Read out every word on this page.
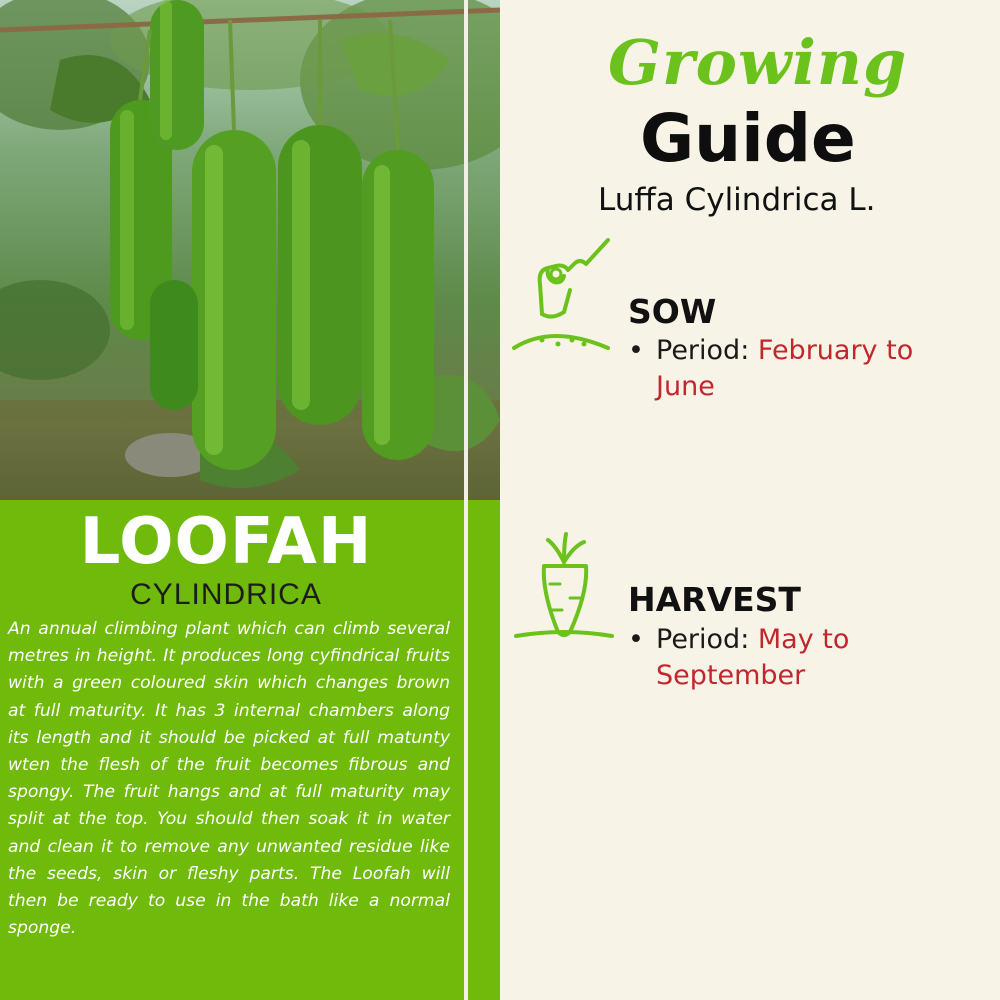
LOOFAH
CYLINDRICA
An annual climbing plant which can climb several metres in height. It produces long cyfindrical fruits with a green coloured skin which changes brown at full maturity. It has 3 internal chambers along its length and it should be picked at full matunty wten the flesh of the fruit becomes fibrous and spongy. The fruit hangs and at full maturity may split at the top. You should then soak it in water and clean it to remove any unwanted residue like the seeds, skin or fleshy parts. The Loofah will then be ready to use in the bath like a normal sponge.
Growing
Guide
Luffa Cylindrica L.
SOW
• Period: February to June
HARVEST
• Period: May to September
